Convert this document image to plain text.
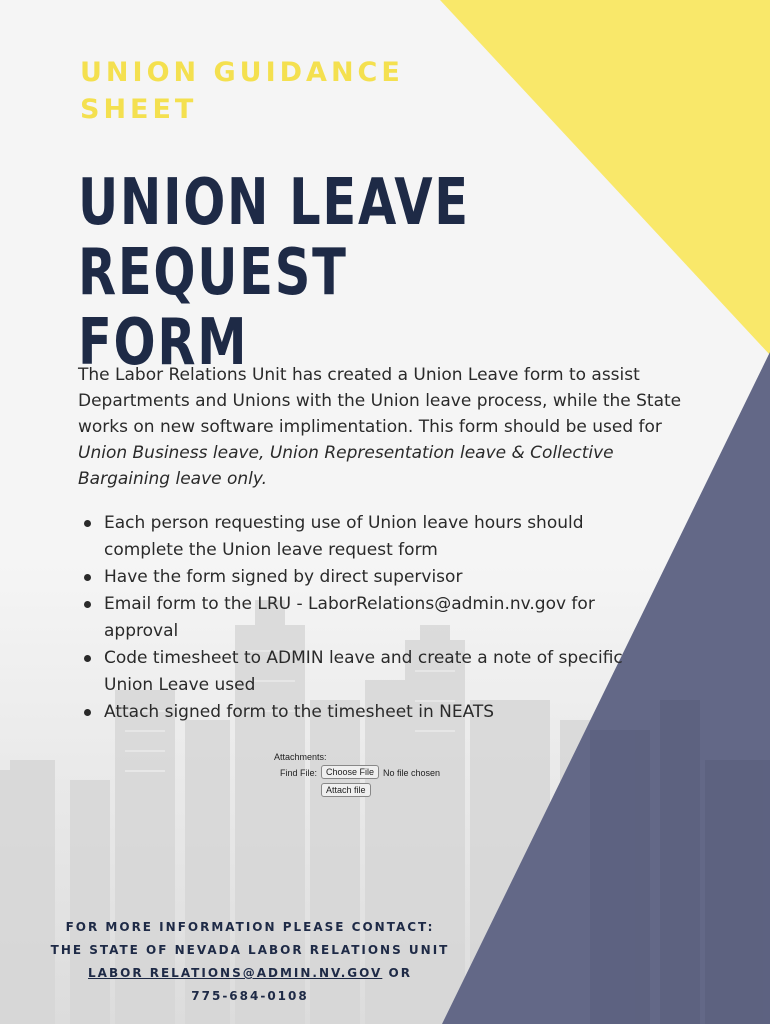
UNION GUIDANCE
SHEET
UNION LEAVE REQUEST
FORM

The Labor Relations Unit has created a Union Leave form to assist Departments and Unions with the Union leave process, while the State works on new software implimentation. This form should be used for Union Business leave, Union Representation leave & Collective Bargaining leave only.

Each person requesting use of Union leave hours should complete the Union leave request form
Have the form signed by direct supervisor
Email form to the LRU - LaborRelations@admin.nv.gov for approval
Code timesheet to ADMIN leave and create a note of specific Union Leave used
Attach signed form to the timesheet in NEATS
Attachments:
Find File: Choose File No file chosen
Attach file
FOR MORE INFORMATION PLEASE CONTACT:
THE STATE OF NEVADA LABOR RELATIONS UNIT
LABOR RELATIONS@ADMIN.NV.GOV OR
775-684-0108
